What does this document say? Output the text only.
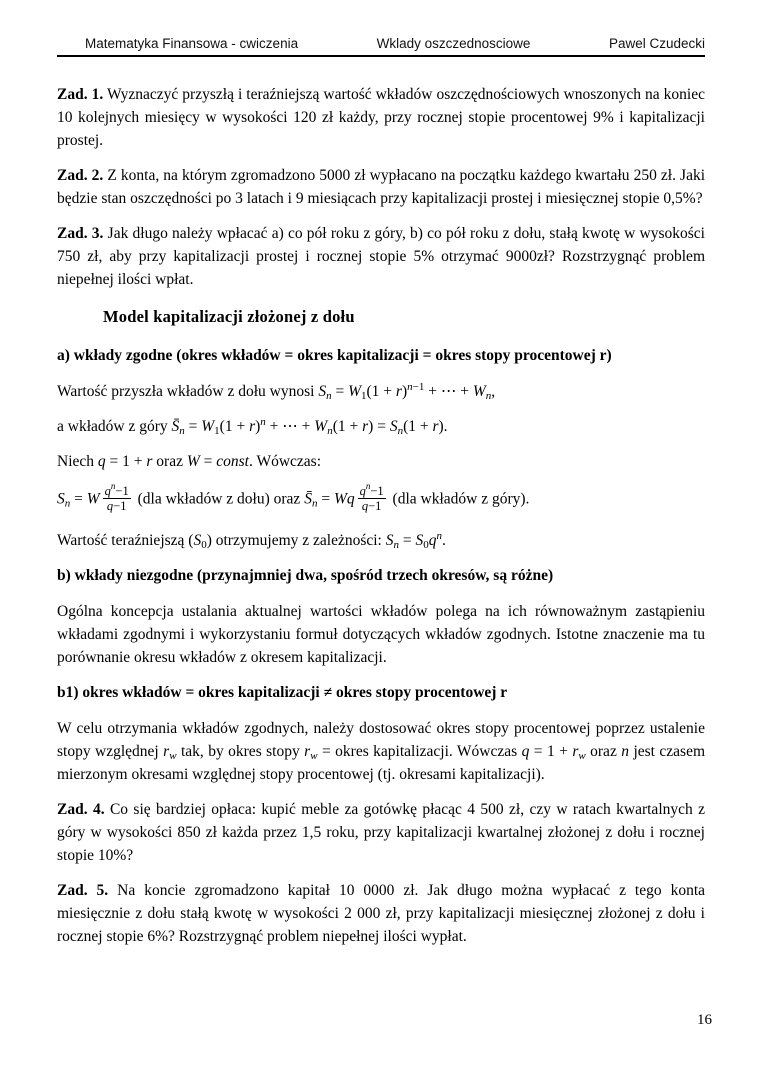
Matematyka Finansowa - cwiczenia	Wklady oszczednosciowe	Pawel Czudecki

Zad. 1. Wyznaczyć przyszłą i teraźniejszą wartość wkładów oszczędnościowych wnoszonych na koniec 10 kolejnych miesięcy w wysokości 120 zł każdy, przy rocznej stopie procentowej 9% i kapitalizacji prostej.

Zad. 2. Z konta, na którym zgromadzono 5000 zł wypłacano na początku każdego kwartału 250 zł. Jaki będzie stan oszczędności po 3 latach i 9 miesiącach przy kapitalizacji prostej i miesięcznej stopie 0,5%?

Zad. 3. Jak długo należy wpłacać a) co pół roku z góry, b) co pół roku z dołu, stałą kwotę w wysokości 750 zł, aby przy kapitalizacji prostej i rocznej stopie 5% otrzymać 9000zł? Rozstrzygnąć problem niepełnej ilości wpłat.

Model kapitalizacji złożonej z dołu

a) wkłady zgodne (okres wkładów = okres kapitalizacji = okres stopy procentowej r)

Wartość przyszła wkładów z dołu wynosi $S_n = W_1(1 + r)^{n-1}$ + ⋯ + $W_n$,

a wkładów z góry $S̄_n = W_1(1 + r)^n$ + ⋯ + $W_n(1 + r) = S_n(1 + r)$.

Niech q = 1 + r oraz W = const. Wówczas:

$S_n = W \frac{q^n-1}{q-1} (dla$ wkładów z dołu) oraz $S̄_n = Wq \frac{q^n-1}{q-1} (dla$ wkładów z góry).

Wartość teraźniejszą $(S_0)$ otrzymujemy z zależności: $S_n = S_0q^n$.

b) wkłady niezgodne (przynajmniej dwa, spośród trzech okresów, są różne)

Ogólna koncepcja ustalania aktualnej wartości wkładów polega na ich równoważnym zastąpieniu wkładami zgodnymi i wykorzystaniu formuł dotyczących wkładów zgodnych. Istotne znaczenie ma tu porównanie okresu wkładów z okresem kapitalizacji.

b1) okres wkładów = okres kapitalizacji ≠ okres stopy procentowej r

W celu otrzymania wkładów zgodnych, należy dostosować okres stopy procentowej poprzez ustalenie stopy względnej $r_w$ tak, by okres stopy $r_w$ = okres kapitalizacji. Wówczas $q = 1 + r_w$ oraz n jest czasem mierzonym okresami względnej stopy procentowej (tj. okresami kapitalizacji).

Zad. 4. Co się bardziej opłaca: kupić meble za gotówkę płacąc 4 500 zł, czy w ratach kwartalnych z góry w wysokości 850 zł każda przez 1,5 roku, przy kapitalizacji kwartalnej złożonej z dołu i rocznej stopie 10%?

Zad. 5. Na koncie zgromadzono kapitał 10 0000 zł. Jak długo można wypłacać z tego konta miesięcznie z dołu stałą kwotę w wysokości 2 000 zł, przy kapitalizacji miesięcznej złożonej z dołu i rocznej stopie 6%? Rozstrzygnąć problem niepełnej ilości wypłat.

16
